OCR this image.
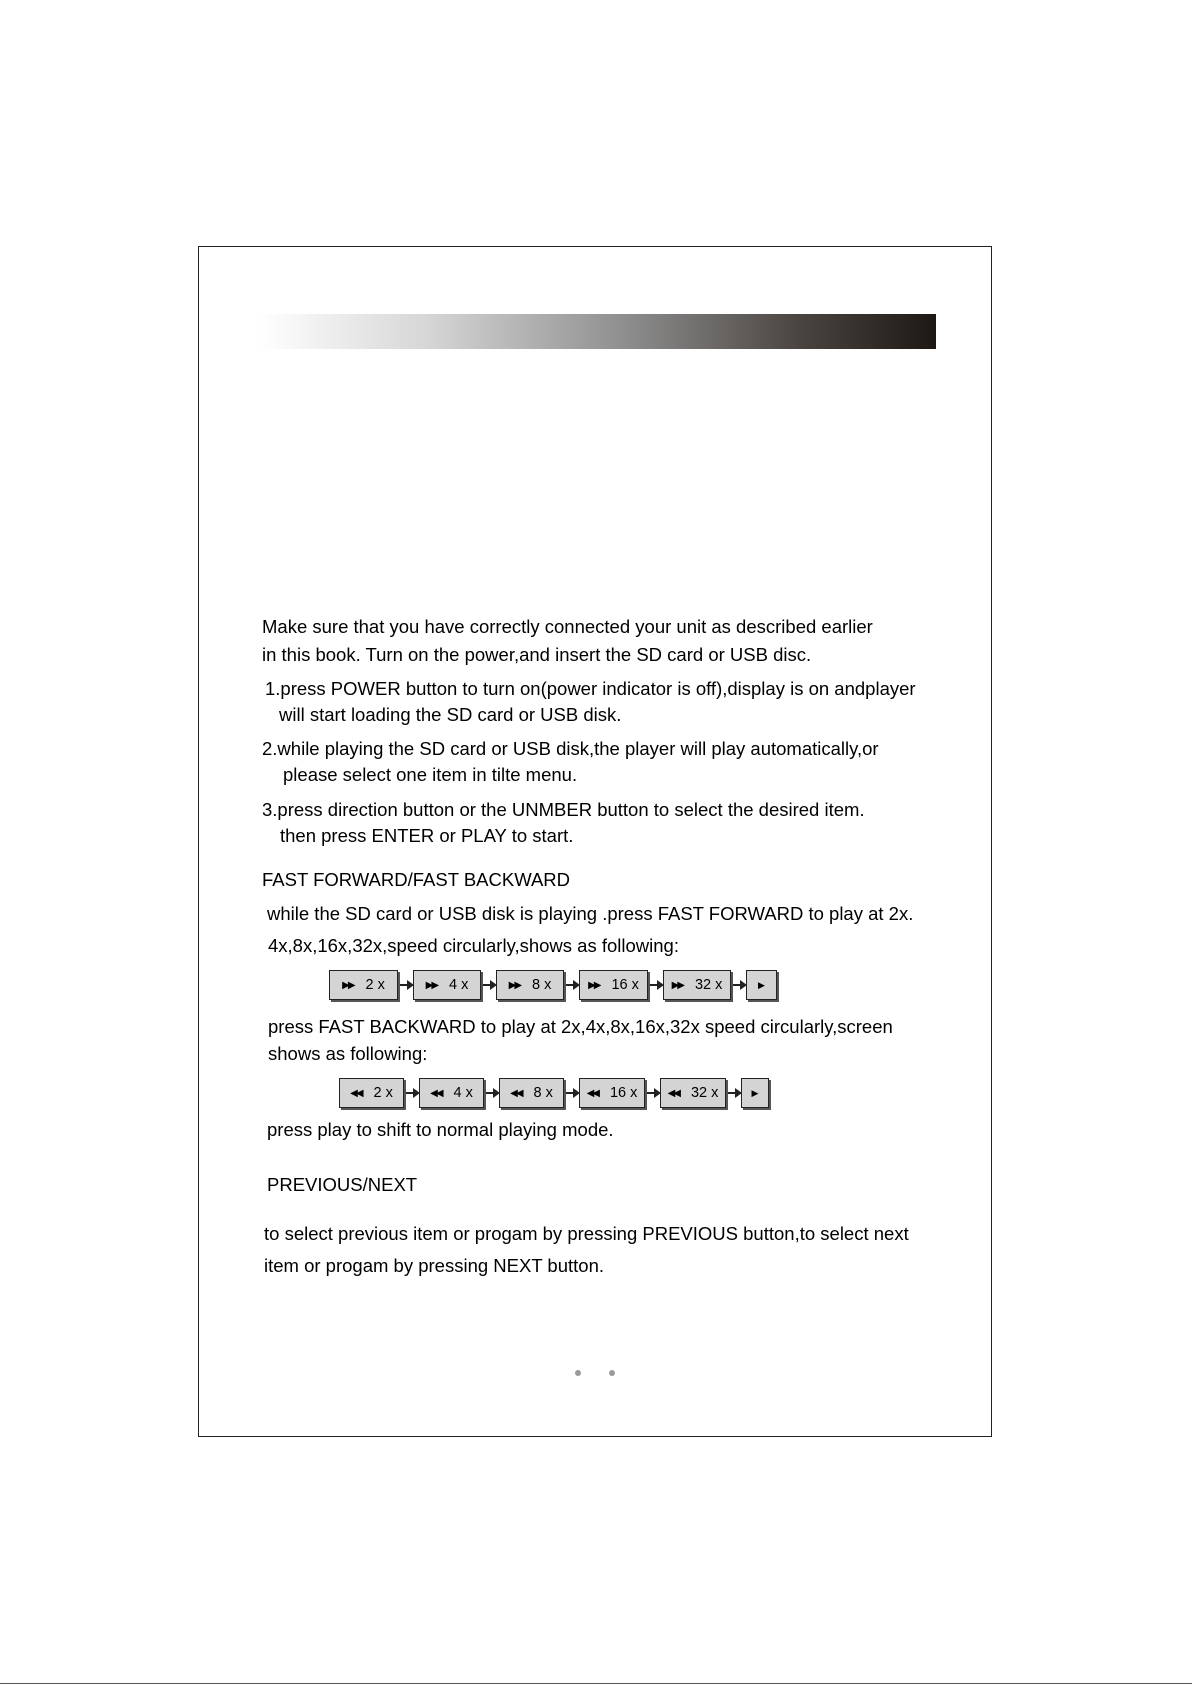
Make sure that you have correctly connected your unit as described earlier
in this book. Turn on the power,and insert the SD card or USB disc.
1.press POWER button to turn on(power indicator is off),display is on andplayer
will start loading the SD card or USB disk.
2.while playing the SD card or USB disk,the player will play automatically,or
please select one item in tilte menu.
3.press direction button or the UNMBER button to select the desired item.
then press ENTER or PLAY to start.
FAST FORWARD/FAST BACKWARD
while the SD card or USB disk is playing .press FAST FORWARD to play at 2x.
4x,8x,16x,32x,speed circularly,shows as following:
▶▶ 2 x	▶▶ 4 x	▶▶ 8 x	▶▶ 16 x	▶▶ 32 x	▶
press FAST BACKWARD to play at 2x,4x,8x,16x,32x speed circularly,screen
shows as following:
◀◀ 2 x	◀◀ 4 x	◀◀ 8 x	◀◀ 16 x	◀◀ 32 x	▶
press play to shift to normal playing mode.
PREVIOUS/NEXT
to select previous item or progam by pressing PREVIOUS button,to select next
item or progam by pressing NEXT button.
